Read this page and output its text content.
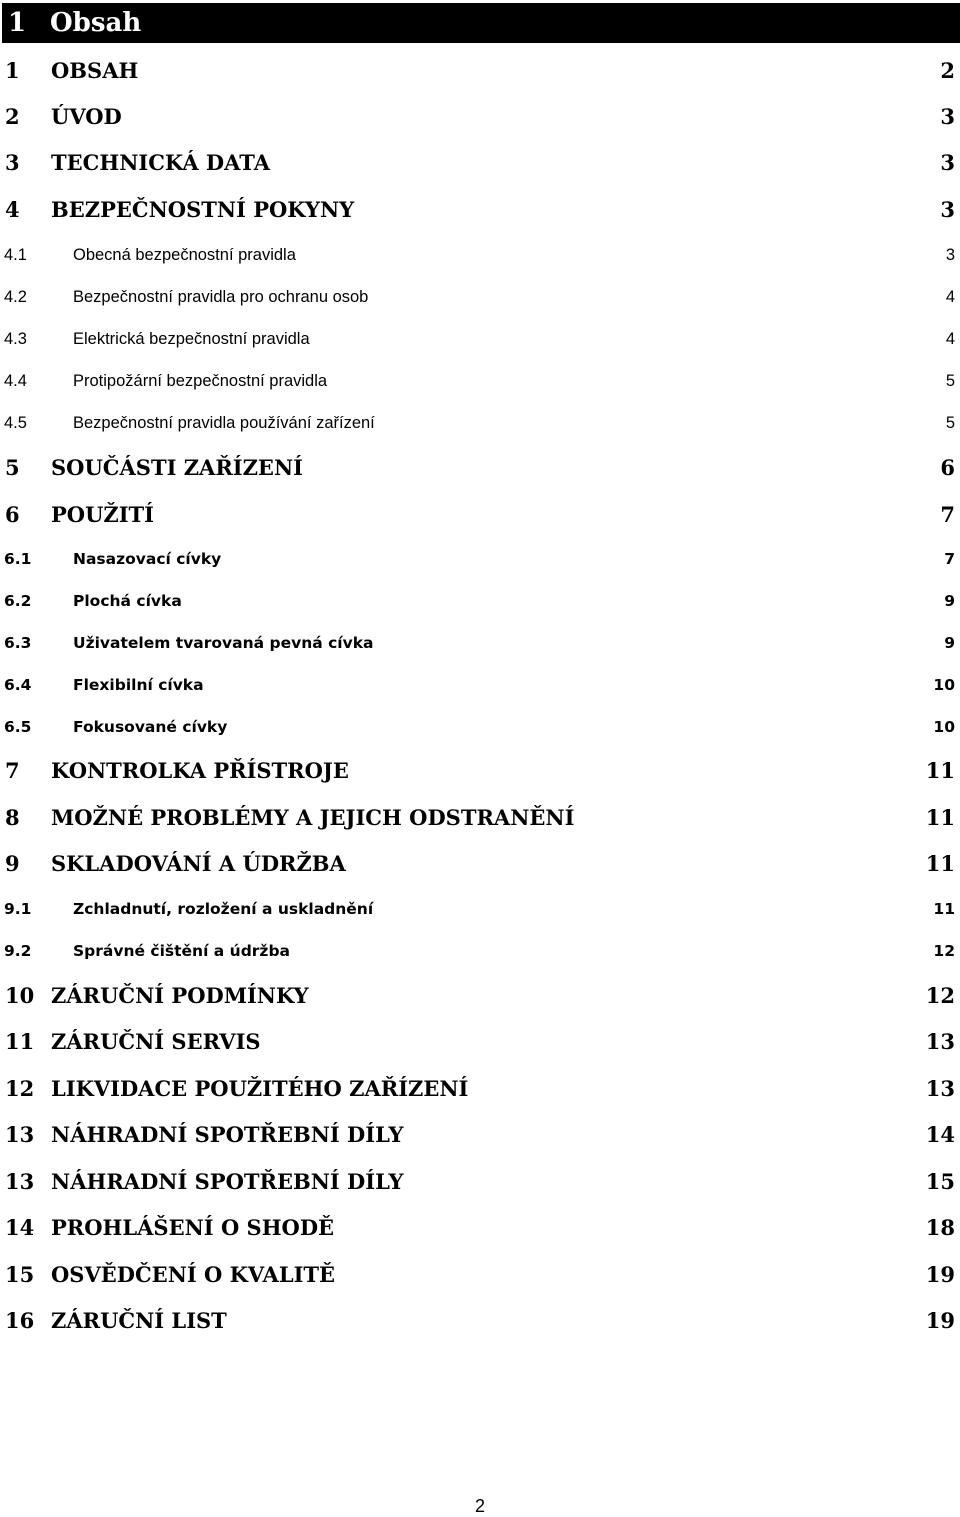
1 Obsah
1 OBSAH	2
2 ÚVOD	3
3 TECHNICKÁ DATA	3
4 BEZPEČNOSTNÍ POKYNY	3
4.1	Obecná bezpečnostní pravidla	3
4.2	Bezpečnostní pravidla pro ochranu osob	4
4.3	Elektrická bezpečnostní pravidla	4
4.4	Protipožární bezpečnostní pravidla	5
4.5	Bezpečnostní pravidla používání zařízení	5
5 SOUČÁSTI ZAŘÍZENÍ	6
6 POUŽITÍ	7
6.1	Nasazovací cívky	7
6.2	Plochá cívka	9
6.3	Uživatelem tvarovaná pevná cívka	9
6.4	Flexibilní cívka	10
6.5	Fokusované cívky	10
7 KONTROLKA PŘÍSTROJE	11
8 MOŽNÉ PROBLÉMY A JEJICH ODSTRANĚNÍ	11
9 SKLADOVÁNÍ A ÚDRŽBA	11
9.1	Zchladnutí, rozložení a uskladnění	11
9.2	Správné čištění a údržba	12
10 ZÁRUČNÍ PODMÍNKY	12
11 ZÁRUČNÍ SERVIS	13
12 LIKVIDACE POUŽITÉHO ZAŘÍZENÍ	13
13 NÁHRADNÍ SPOTŘEBNÍ DÍLY	14
13 NÁHRADNÍ SPOTŘEBNÍ DÍLY	15
14 PROHLÁŠENÍ O SHODĚ	18
15 OSVĚDČENÍ O KVALITĚ	19
16 ZÁRUČNÍ LIST	19
2
